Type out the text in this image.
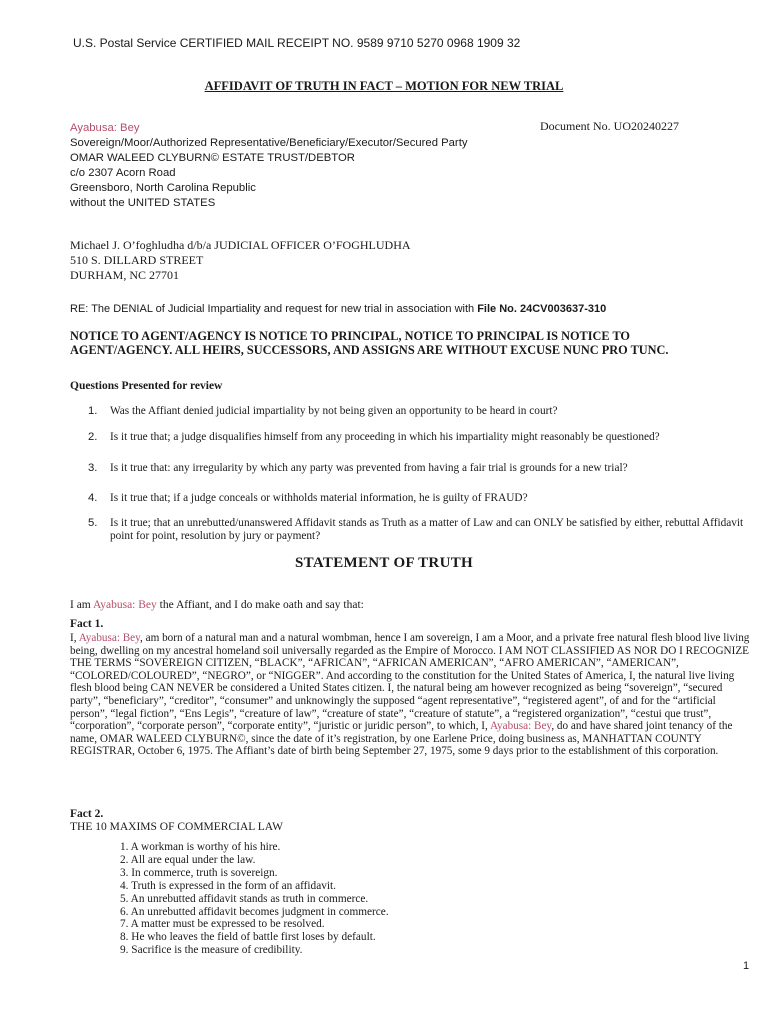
U.S. Postal Service CERTIFIED MAIL RECEIPT NO. 9589 9710 5270 0968 1909 32
AFFIDAVIT OF TRUTH IN FACT – MOTION FOR NEW TRIAL
Ayabusa: Bey
Sovereign/Moor/Authorized Representative/Beneficiary/Executor/Secured Party
OMAR WALEED CLYBURN© ESTATE TRUST/DEBTOR
c/o 2307 Acorn Road
Greensboro, North Carolina Republic
without the UNITED STATES
Document No. UO20240227
Michael J. O’foghludha d/b/a JUDICIAL OFFICER O’FOGHLUDHA
510 S. DILLARD STREET
DURHAM, NC 27701
RE: The DENIAL of Judicial Impartiality and request for new trial in association with File No. 24CV003637-310
NOTICE TO AGENT/AGENCY IS NOTICE TO PRINCIPAL, NOTICE TO PRINCIPAL IS NOTICE TO AGENT/AGENCY. ALL HEIRS, SUCCESSORS, AND ASSIGNS ARE WITHOUT EXCUSE NUNC PRO TUNC.
Questions Presented for review
1. Was the Affiant denied judicial impartiality by not being given an opportunity to be heard in court?
2. Is it true that; a judge disqualifies himself from any proceeding in which his impartiality might reasonably be questioned?
3. Is it true that: any irregularity by which any party was prevented from having a fair trial is grounds for a new trial?
4. Is it true that; if a judge conceals or withholds material information, he is guilty of FRAUD?
5. Is it true; that an unrebutted/unanswered Affidavit stands as Truth as a matter of Law and can ONLY be satisfied by either, rebuttal Affidavit point for point, resolution by jury or payment?
STATEMENT OF TRUTH
I am Ayabusa: Bey the Affiant, and I do make oath and say that:
Fact 1.
I, Ayabusa: Bey, am born of a natural man and a natural wombman, hence I am sovereign, I am a Moor, and a private free natural flesh blood live living being, dwelling on my ancestral homeland soil universally regarded as the Empire of Morocco. I AM NOT CLASSIFIED AS NOR DO I RECOGNIZE THE TERMS “SOVEREIGN CITIZEN, “BLACK”, “AFRICAN”, “AFRICAN AMERICAN”, “AFRO AMERICAN”, “AMERICAN”, “COLORED/COLOURED”, “NEGRO”, or “NIGGER”. And according to the constitution for the United States of America, I, the natural live living flesh blood being CAN NEVER be considered a United States citizen. I, the natural being am however recognized as being “sovereign”, “secured party”, “beneficiary”, “creditor”, “consumer” and unknowingly the supposed “agent representative”, “registered agent”, of and for the “artificial person”, “legal fiction”, “Ens Legis”, “creature of law”, “creature of state”, “creature of statute”, a “registered organization”, “cestui que trust”, “corporation”, “corporate person”, “corporate entity”, “juristic or juridic person”, to which, I, Ayabusa: Bey, do and have shared joint tenancy of the name, OMAR WALEED CLYBURN©, since the date of it’s registration, by one Earlene Price, doing business as, MANHATTAN COUNTY REGISTRAR, October 6, 1975. The Affiant’s date of birth being September 27, 1975, some 9 days prior to the establishment of this corporation.
Fact 2.
THE 10 MAXIMS OF COMMERCIAL LAW
1. A workman is worthy of his hire.
2. All are equal under the law.
3. In commerce, truth is sovereign.
4. Truth is expressed in the form of an affidavit.
5. An unrebutted affidavit stands as truth in commerce.
6. An unrebutted affidavit becomes judgment in commerce.
7. A matter must be expressed to be resolved.
8. He who leaves the field of battle first loses by default.
9. Sacrifice is the measure of credibility.
1
